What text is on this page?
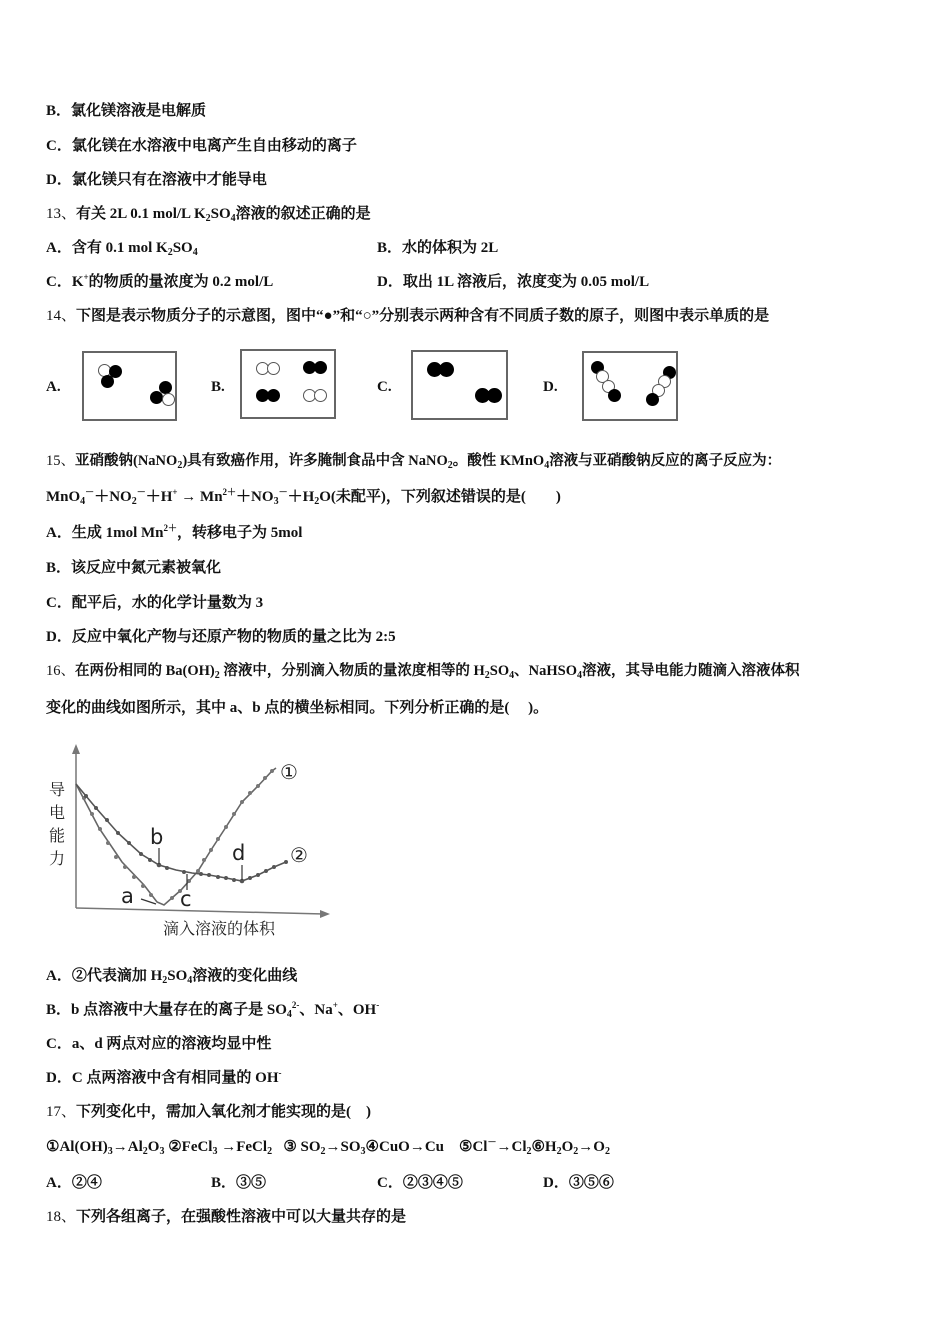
B．氯化镁溶液是电解质
C．氯化镁在水溶液中电离产生自由移动的离子
D．氯化镁只有在溶液中才能导电
13、有关 2L 0.1 mol/L $K_2SO_4$溶液的叙述正确的是
A．含有 0.1 mol $K_2SO_4$	B．水的体积为 2L
C．K+的物质的量浓度为 0.2 mol/L	D．取出 1L 溶液后，浓度变为 0.05 mol/L
14、下图是表示物质分子的示意图，图中“●”和“○”分别表示两种含有不同质子数的原子，则图中表示单质的是
A.	B.	C.	D.
15、亚硝酸钠(NaNO$_2$)具有致癌作用，许多腌制食品中含 NaNO$_2$。酸性 KMnO$_4$溶液与亚硝酸钠反应的离子反应为：
$MnO_4^-+NO_2^-+H^+ \to Mn^{2+}+NO_3^-+H_2O$(未配平)，下列叙述错误的是(　　)
A．生成 1mol $Mn^{2+}$，转移电子为 5mol
B．该反应中氮元素被氧化
C．配平后，水的化学计量数为 3
D．反应中氧化产物与还原产物的物质的量之比为 2:5
16、在两份相同的 $Ba(OH)_2$ 溶液中，分别滴入物质的量浓度相等的 $H_2SO_4$、NaHSO$_4$溶液，其导电能力随滴入溶液体积
变化的曲线如图所示，其中 a、b 点的横坐标相同。下列分析正确的是(　 )。
b
a c
d
①
②
导
电
能
力
滴入溶液的体积
A．②代表滴加 $H_2SO_4$溶液的变化曲线
B．b 点溶液中大量存在的离子是 $SO_4^{2-}$、Na+、OH-
C．a、d 两点对应的溶液均显中性
D．C 点两溶液中含有相同量的 OH-
17、下列变化中，需加入氧化剂才能实现的是(　)
$①Al(OH)_3\to Al_2O_3$ ②FeCl$_3$ →FeCl$_2$ ③ $SO_2\to SO_3④CuO\to Cu$ $⑤Cl^-\to Cl_2⑥H_2O_2\to O_2$
A．②④	B．③⑤	C．②③④⑤	D．③⑤⑥
18、下列各组离子，在强酸性溶液中可以大量共存的是
